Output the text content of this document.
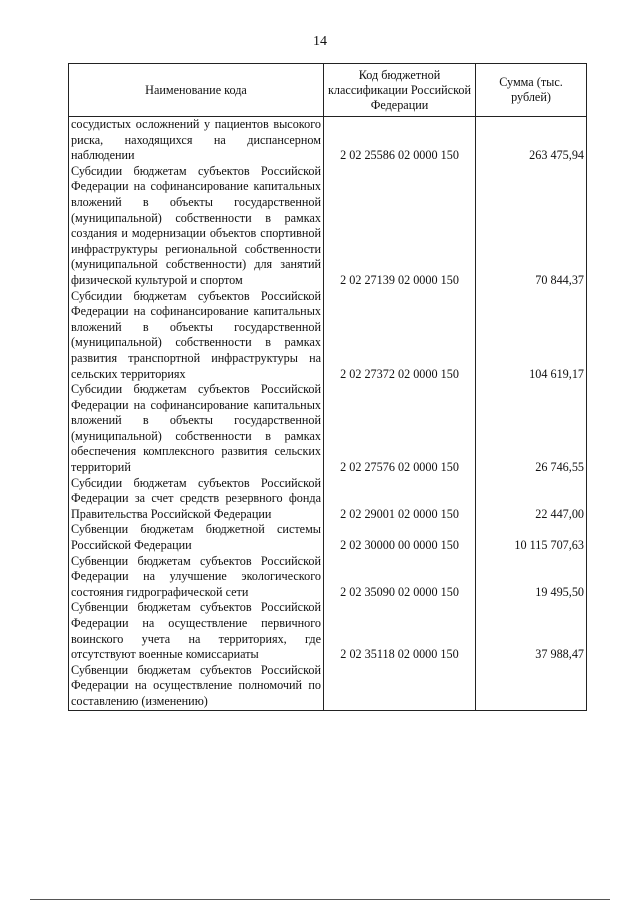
14
Наименование кода	Код бюджетной классификации Российской Федерации	Сумма (тыс. рублей)
сосудистых осложнений у пациентов высокого риска, находящихся на диспансерном наблюдении	2 02 25586 02 0000 150	263 475,94
Субсидии бюджетам субъектов Российской Федерации на софинансирование капитальных вложений в объекты государственной (муниципальной) собственности в рамках создания и модернизации объектов спортивной инфраструктуры региональной собственности (муниципальной собственности) для занятий физической культурой и спортом	2 02 27139 02 0000 150	70 844,37
Субсидии бюджетам субъектов Российской Федерации на софинансирование капитальных вложений в объекты государственной (муниципальной) собственности в рамках развития транспортной инфраструктуры на сельских территориях	2 02 27372 02 0000 150	104 619,17
Субсидии бюджетам субъектов Российской Федерации на софинансирование капитальных вложений в объекты государственной (муниципальной) собственности в рамках обеспечения комплексного развития сельских территорий	2 02 27576 02 0000 150	26 746,55
Субсидии бюджетам субъектов Российской Федерации за счет средств резервного фонда Правительства Российской Федерации	2 02 29001 02 0000 150	22 447,00
Субвенции бюджетам бюджетной системы Российской Федерации	2 02 30000 00 0000 150	10 115 707,63
Субвенции бюджетам субъектов Российской Федерации на улучшение экологического состояния гидрографической сети	2 02 35090 02 0000 150	19 495,50
Субвенции бюджетам субъектов Российской Федерации на осуществление первичного воинского учета на территориях, где отсутствуют военные комиссариаты	2 02 35118 02 0000 150	37 988,47
Субвенции бюджетам субъектов Российской Федерации на осуществление полномочий по составлению (изменению)		
